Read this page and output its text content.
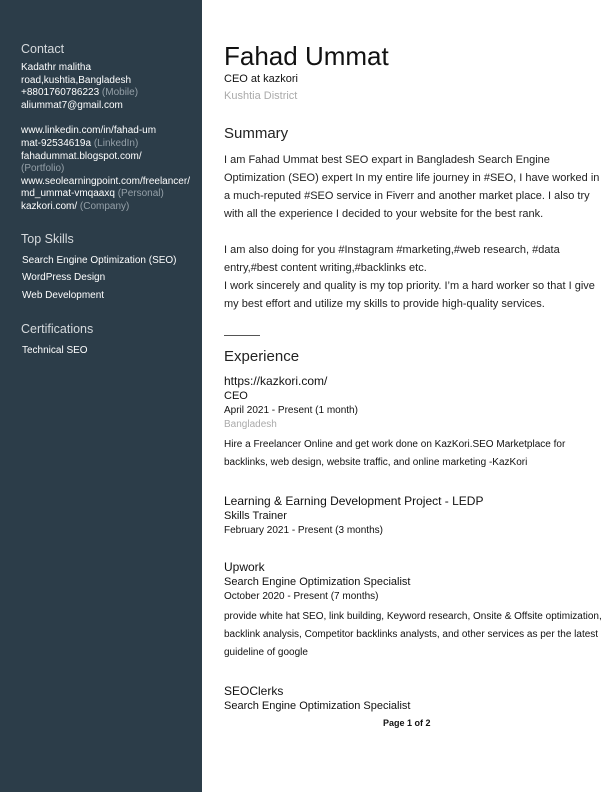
Contact
Kadathr malitha road,kushtia,Bangladesh
+8801760786223 (Mobile)
aliummat7@gmail.com
www.linkedin.com/in/fahad-ummat-92534619a (LinkedIn)
fahadummat.blogspot.com/ (Portfolio)
www.seolearningpoint.com/freelancer/md_ummat-vmqaaxq (Personal)
kazkori.com/ (Company)
Top Skills
Search Engine Optimization (SEO)
WordPress Design
Web Development
Certifications
Technical SEO
Fahad Ummat
CEO at kazkori
Kushtia District
Summary
I am Fahad Ummat best SEO expart in Bangladesh Search Engine Optimization (SEO) expert In my entire life journey in #SEO, I have worked in a much-reputed #SEO service in Fiverr and another market place. I also try with all the experience I decided to your website for the best rank.
I am also doing for you #Instagram #marketing,#web research, #data entry,#best content writing,#backlinks etc.
I work sincerely and quality is my top priority. I’m a hard worker so that I give my best effort and utilize my skills to provide high-quality services.
Experience
https://kazkori.com/
CEO
April 2021 - Present (1 month)
Bangladesh
Hire a Freelancer Online and get work done on KazKori.SEO Marketplace for backlinks, web design, website traffic, and online marketing -KazKori
Learning & Earning Development Project - LEDP
Skills Trainer
February 2021 - Present (3 months)
Upwork
Search Engine Optimization Specialist
October 2020 - Present (7 months)
provide white hat SEO, link building, Keyword research, Onsite & Offsite optimization, backlink analysis, Competitor backlinks analysts, and other services as per the latest guideline of google
SEOClerks
Search Engine Optimization Specialist
Page 1 of 2
